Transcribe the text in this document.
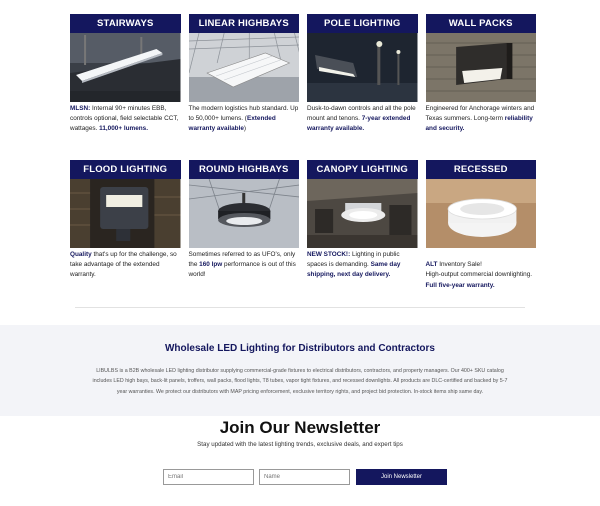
STAIRWAYS
MLSN: Internal 90+ minutes EBB, controls optional, field selectable CCT, wattages. 11,000+ lumens.
LINEAR HIGHBAYS
The modern logistics hub standard. Up to 50,000+ lumens. (Extended warranty available)
POLE LIGHTING
Dusk-to-dawn controls and all the pole mount and tenons. 7-year extended warranty available.
WALL PACKS
Engineered for Anchorage winters and Texas summers. Long-term reliability and security.
FLOOD LIGHTING
Quality that's up for the challenge, so take advantage of the extended warranty.
ROUND HIGHBAYS
Sometimes referred to as UFO's, only the 160 lpw performance is out of this world!
CANOPY LIGHTING
NEW STOCK!: Lighting in public spaces is demanding. Same day shipping, next day delivery.
RECESSED

ALT Inventory Sale!
High-output commercial downlighting. Full five-year warranty.

Wholesale LED Lighting for Distributors and Contractors

LIBULBS is a B2B wholesale LED lighting distributor supplying commercial-grade fixtures to electrical distributors, contractors, and property managers. Our 400+ SKU catalog includes LED high bays, back-lit panels, troffers, wall packs, flood lights, T8 tubes, vapor tight fixtures, and recessed downlights. All products are DLC-certified and backed by 5-7 year warranties. We protect our distributors with MAP pricing enforcement, exclusive territory rights, and project bid protection. In-stock items ship same day.

Join Our Newsletter

Stay updated with the latest lighting trends, exclusive deals, and expert tips

Email
Name
Join Newsletter
